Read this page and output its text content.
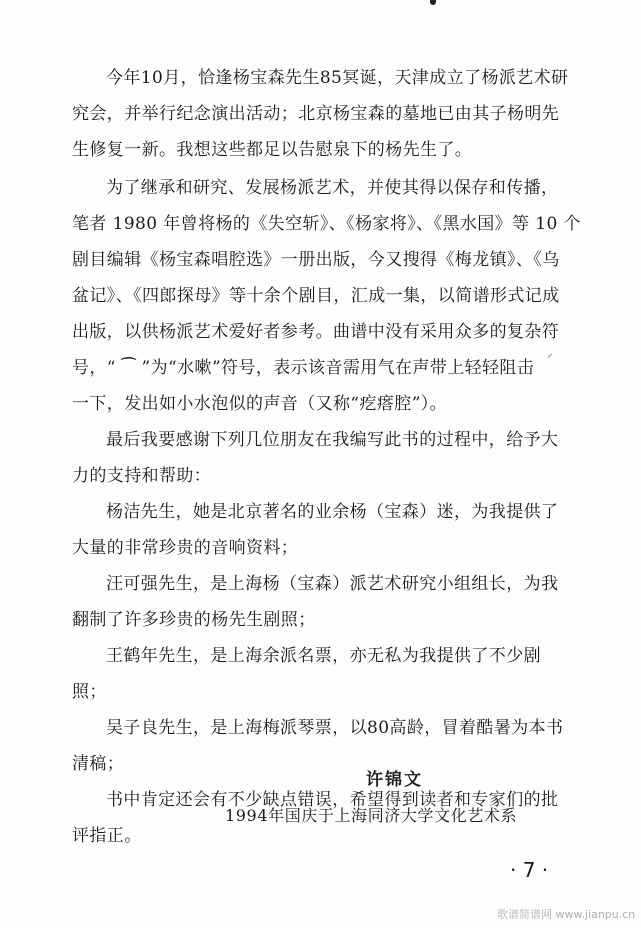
今年10月，恰逢杨宝森先生85冥诞，天津成立了杨派艺术研
究会，并举行纪念演出活动；北京杨宝森的墓地已由其子杨明先
生修复一新。我想这些都足以告慰泉下的杨先生了。

为了继承和研究、发展杨派艺术，并使其得以保存和传播，
笔者 1980 年曾将杨的《失空斩》、《杨家将》、《黑水国》等 10 个
剧目编辑《杨宝森唱腔选》一册出版，今又搜得《梅龙镇》、《乌
盆记》、《四郎探母》等十余个剧目，汇成一集，以简谱形式记成
出版，以供杨派艺术爱好者参考。曲谱中没有采用众多的复杂符
号，“ ⁀ ”为“水嗽”符号，表示该音需用气在声带上轻轻阻击
一下，发出如小水泡似的声音（又称“疙瘩腔”）。

最后我要感谢下列几位朋友在我编写此书的过程中，给予大
力的支持和帮助：

杨洁先生，她是北京著名的业余杨（宝森）迷，为我提供了
大量的非常珍贵的音响资料；

汪可强先生，是上海杨（宝森）派艺术研究小组组长，为我
翻制了许多珍贵的杨先生剧照；

王鹤年先生，是上海余派名票，亦无私为我提供了不少剧
照；

吴子良先生，是上海梅派琴票，以80高龄，冒着酷暑为本书
清稿；

书中肯定还会有不少缺点错误，希望得到读者和专家们的批
评指正。

⸝
许锦文
1994年国庆于上海同济大学文化艺术系
· 7 ·
歌谱简谱网 www.jianpu.cn
